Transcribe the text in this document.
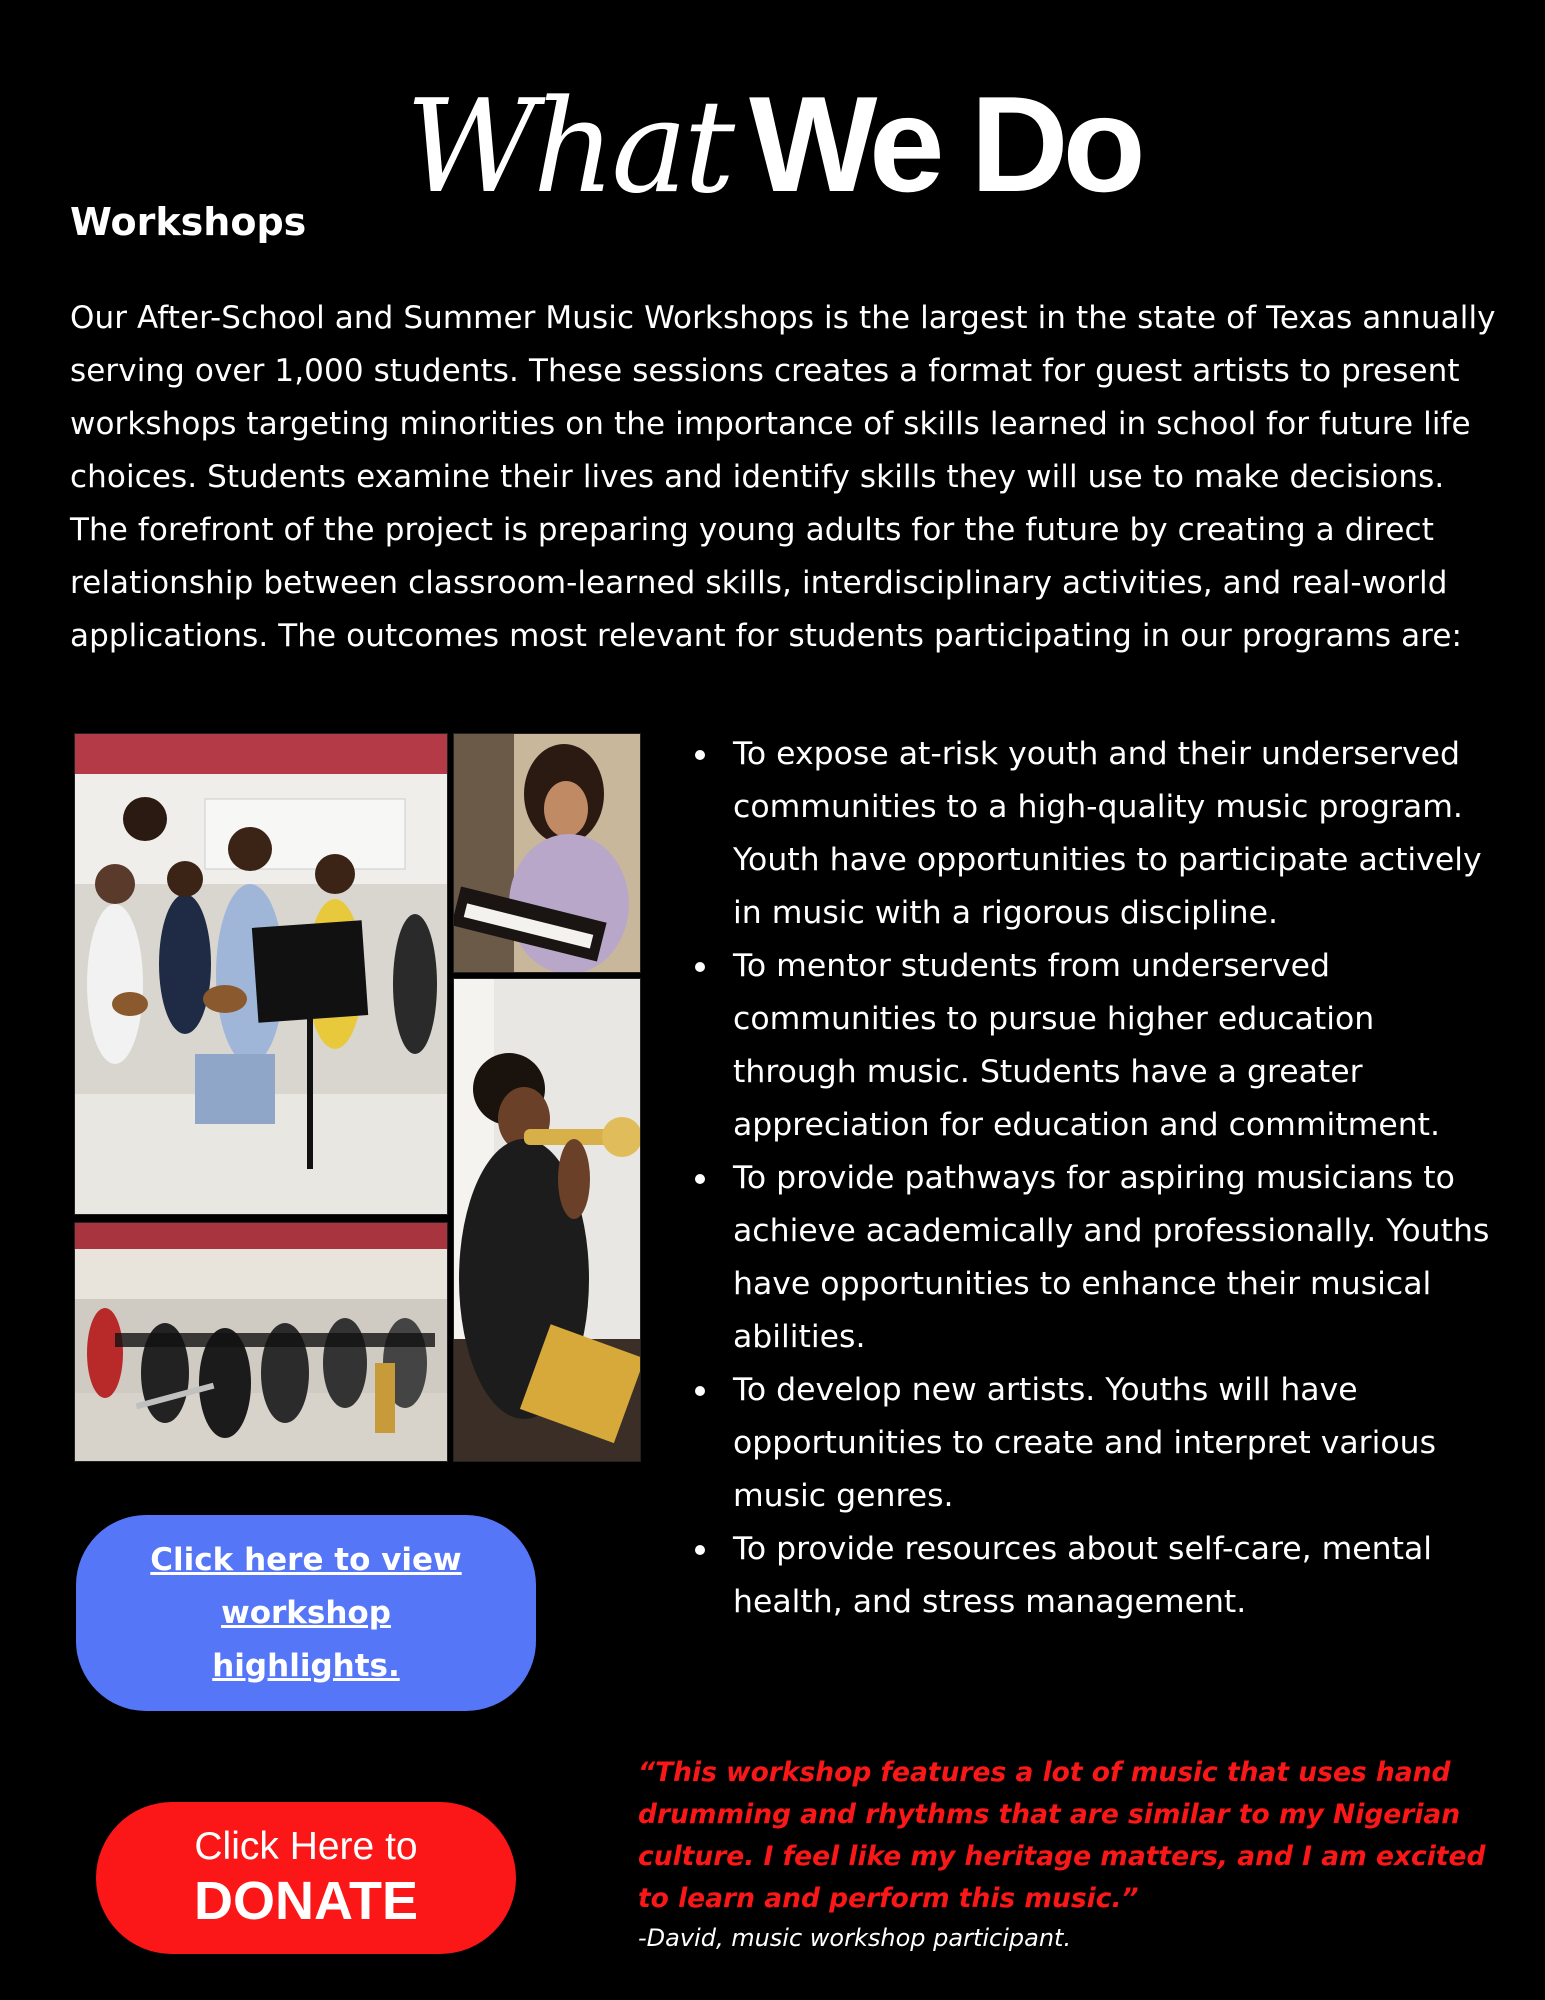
What We Do
Workshops

Our After-School and Summer Music Workshops is the largest in the state of Texas annually serving over 1,000 students. These sessions creates a format for guest artists to present workshops targeting minorities on the importance of skills learned in school for future life choices. Students examine their lives and identify skills they will use to make decisions. The forefront of the project is preparing young adults for the future by creating a direct relationship between classroom-learned skills, interdisciplinary activities, and real-world applications. The outcomes most relevant for students participating in our programs are:

To expose at-risk youth and their underserved communities to a high-quality music program. Youth have opportunities to participate actively in music with a rigorous discipline.
To mentor students from underserved communities to pursue higher education through music. Students have a greater appreciation for education and commitment.
To provide pathways for aspiring musicians to achieve academically and professionally. Youths have opportunities to enhance their musical abilities.
To develop new artists. Youths will have opportunities to create and interpret various music genres.
To provide resources about self-care, mental health, and stress management.
Click here to view workshop highlights.
Click Here to
DONATE

“This workshop features a lot of music that uses hand drumming and rhythms that are similar to my Nigerian culture. I feel like my heritage matters, and I am excited to learn and perform this music.”

-David, music workshop participant.
